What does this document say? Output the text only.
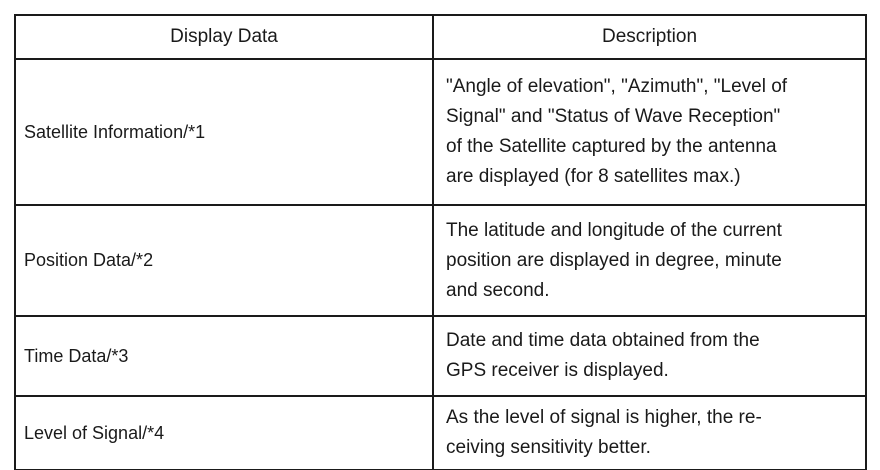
Display Data	Description
Satellite Information/*1	"Angle of elevation", "Azimuth", "Level of
Signal" and "Status of Wave Reception"
of the Satellite captured by the antenna
are displayed (for 8 satellites max.)

Position Data/*2	The latitude and longitude of the current
position are displayed in degree, minute
and second.

Time Data/*3	Date and time data obtained from the
GPS receiver is displayed.

Level of Signal/*4	As the level of signal is higher, the re-
ceiving sensitivity better.
